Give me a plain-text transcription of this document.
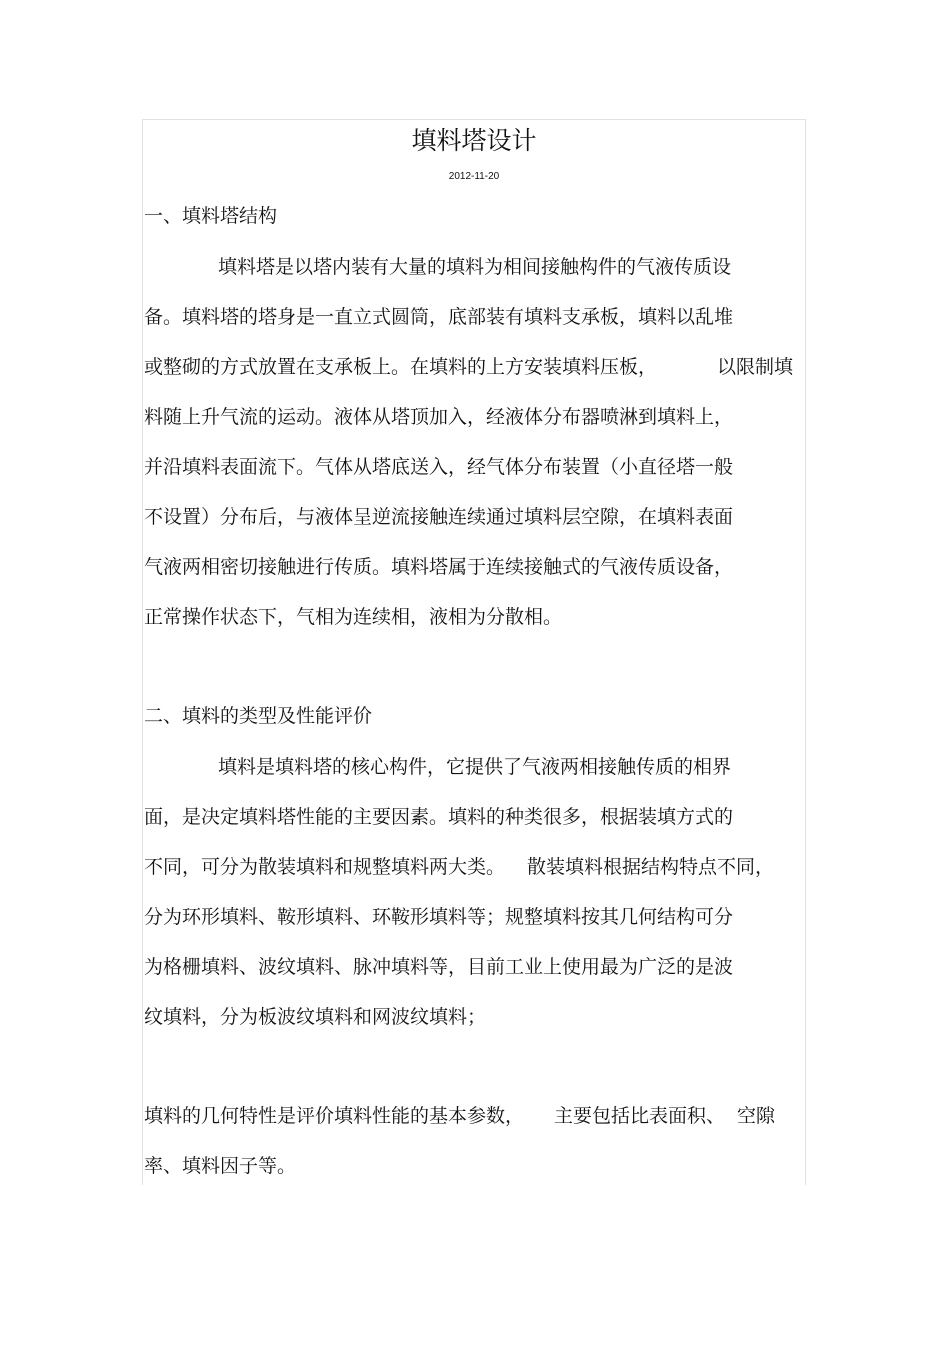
填料塔设计
2012-11-20
一、填料塔结构
填料塔是以塔内装有大量的填料为相间接触构件的气液传质设
备。填料塔的塔身是一直立式圆筒，底部装有填料支承板，填料以乱堆
或整砌的方式放置在支承板上。在填料的上方安装填料压板，	以限制填
料随上升气流的运动。液体从塔顶加入，经液体分布器喷淋到填料上，
并沿填料表面流下。气体从塔底送入，经气体分布装置（小直径塔一般
不设置）分布后，与液体呈逆流接触连续通过填料层空隙，在填料表面
气液两相密切接触进行传质。填料塔属于连续接触式的气液传质设备，
正常操作状态下，气相为连续相，液相为分散相。
二、填料的类型及性能评价
填料是填料塔的核心构件，它提供了气液两相接触传质的相界
面，是决定填料塔性能的主要因素。填料的种类很多，根据装填方式的
不同，可分为散装填料和规整填料两大类。 散装填料根据结构特点不同，
分为环形填料、鞍形填料、环鞍形填料等；规整填料按其几何结构可分
为格栅填料、波纹填料、脉冲填料等，目前工业上使用最为广泛的是波
纹填料，分为板波纹填料和网波纹填料；
填料的几何特性是评价填料性能的基本参数， 主要包括比表面积、 空隙
率、填料因子等。
